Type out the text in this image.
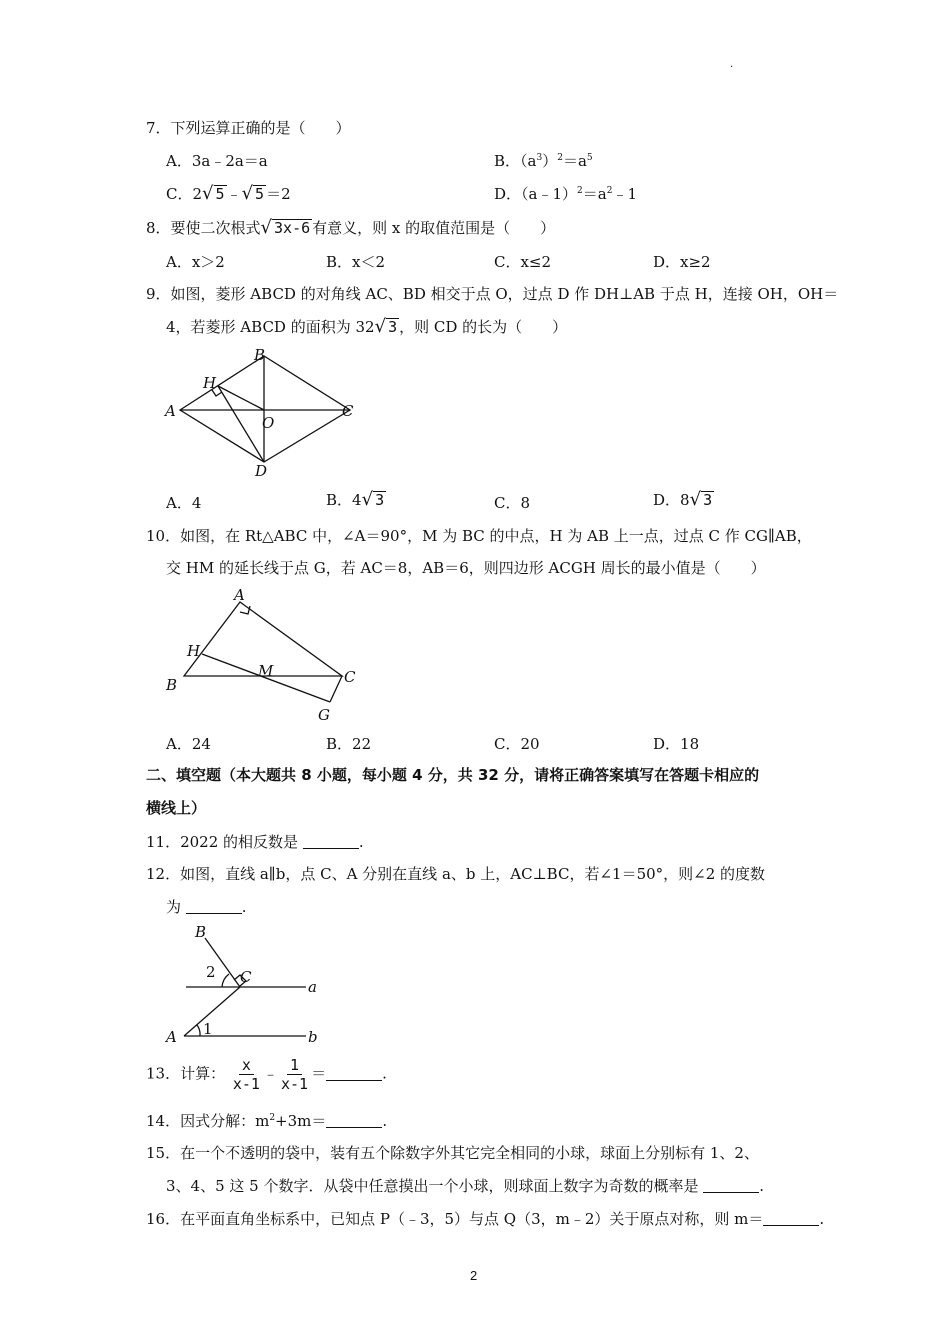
·
7．下列运算正确的是（　　）
A．3a﹣2a＝a	B．$(a^3)^2=a^5$
C．2√ 5 ﹣√ 5 ＝2	D．$(a﹣1)^2=a^2﹣1$
8．要使二次根式√ 3x-6 有意义，则 x 的取值范围是（　　）
A．x＞2	B．x＜2	C．x≤2	D．x≥2
9．如图，菱形 ABCD 的对角线 AC、BD 相交于点 O，过点 D 作 DH⊥AB 于点 H，连接 OH，OH＝
4，若菱形 ABCD 的面积为 32√ 3 ，则 CD 的长为（　　）
A
B
C
D
H
O
A．4	B．4√ 3	C．8	D．8√ 3
10．如图，在 Rt△ABC 中，∠A＝90°，M 为 BC 的中点，H 为 AB 上一点，过点 C 作 CG∥AB，
交 HM 的延长线于点 G，若 AC＝8，AB＝6，则四边形 ACGH 周长的最小值是（　　）
A
B	C
G
H
M
A．24	B．22	C．20	D．18
二、填空题（本大题共 8 小题，每小题 4 分，共 32 分，请将正确答案填写在答题卡相应的
横线上）
11．2022 的相反数是	.
12．如图，直线 a∥b，点 C、A 分别在直线 a、b 上，AC⊥BC，若∠1＝50°，则∠2 的度数
为	.
B
C
a
b
A 1
2
13．计算： $\frac{x}{x-1}$ ﹣ $\frac{1}{x-1}$ ＝	.
14．因式分解：$m^2+3m=$	.
15．在一个不透明的袋中，装有五个除数字外其它完全相同的小球，球面上分别标有 1、2、
3、4、5 这 5 个数字．从袋中任意摸出一个小球，则球面上数字为奇数的概率是	.
16．在平面直角坐标系中，已知点 P（﹣3，5）与点 Q（3，m﹣2）关于原点对称，则 m＝	.
2
